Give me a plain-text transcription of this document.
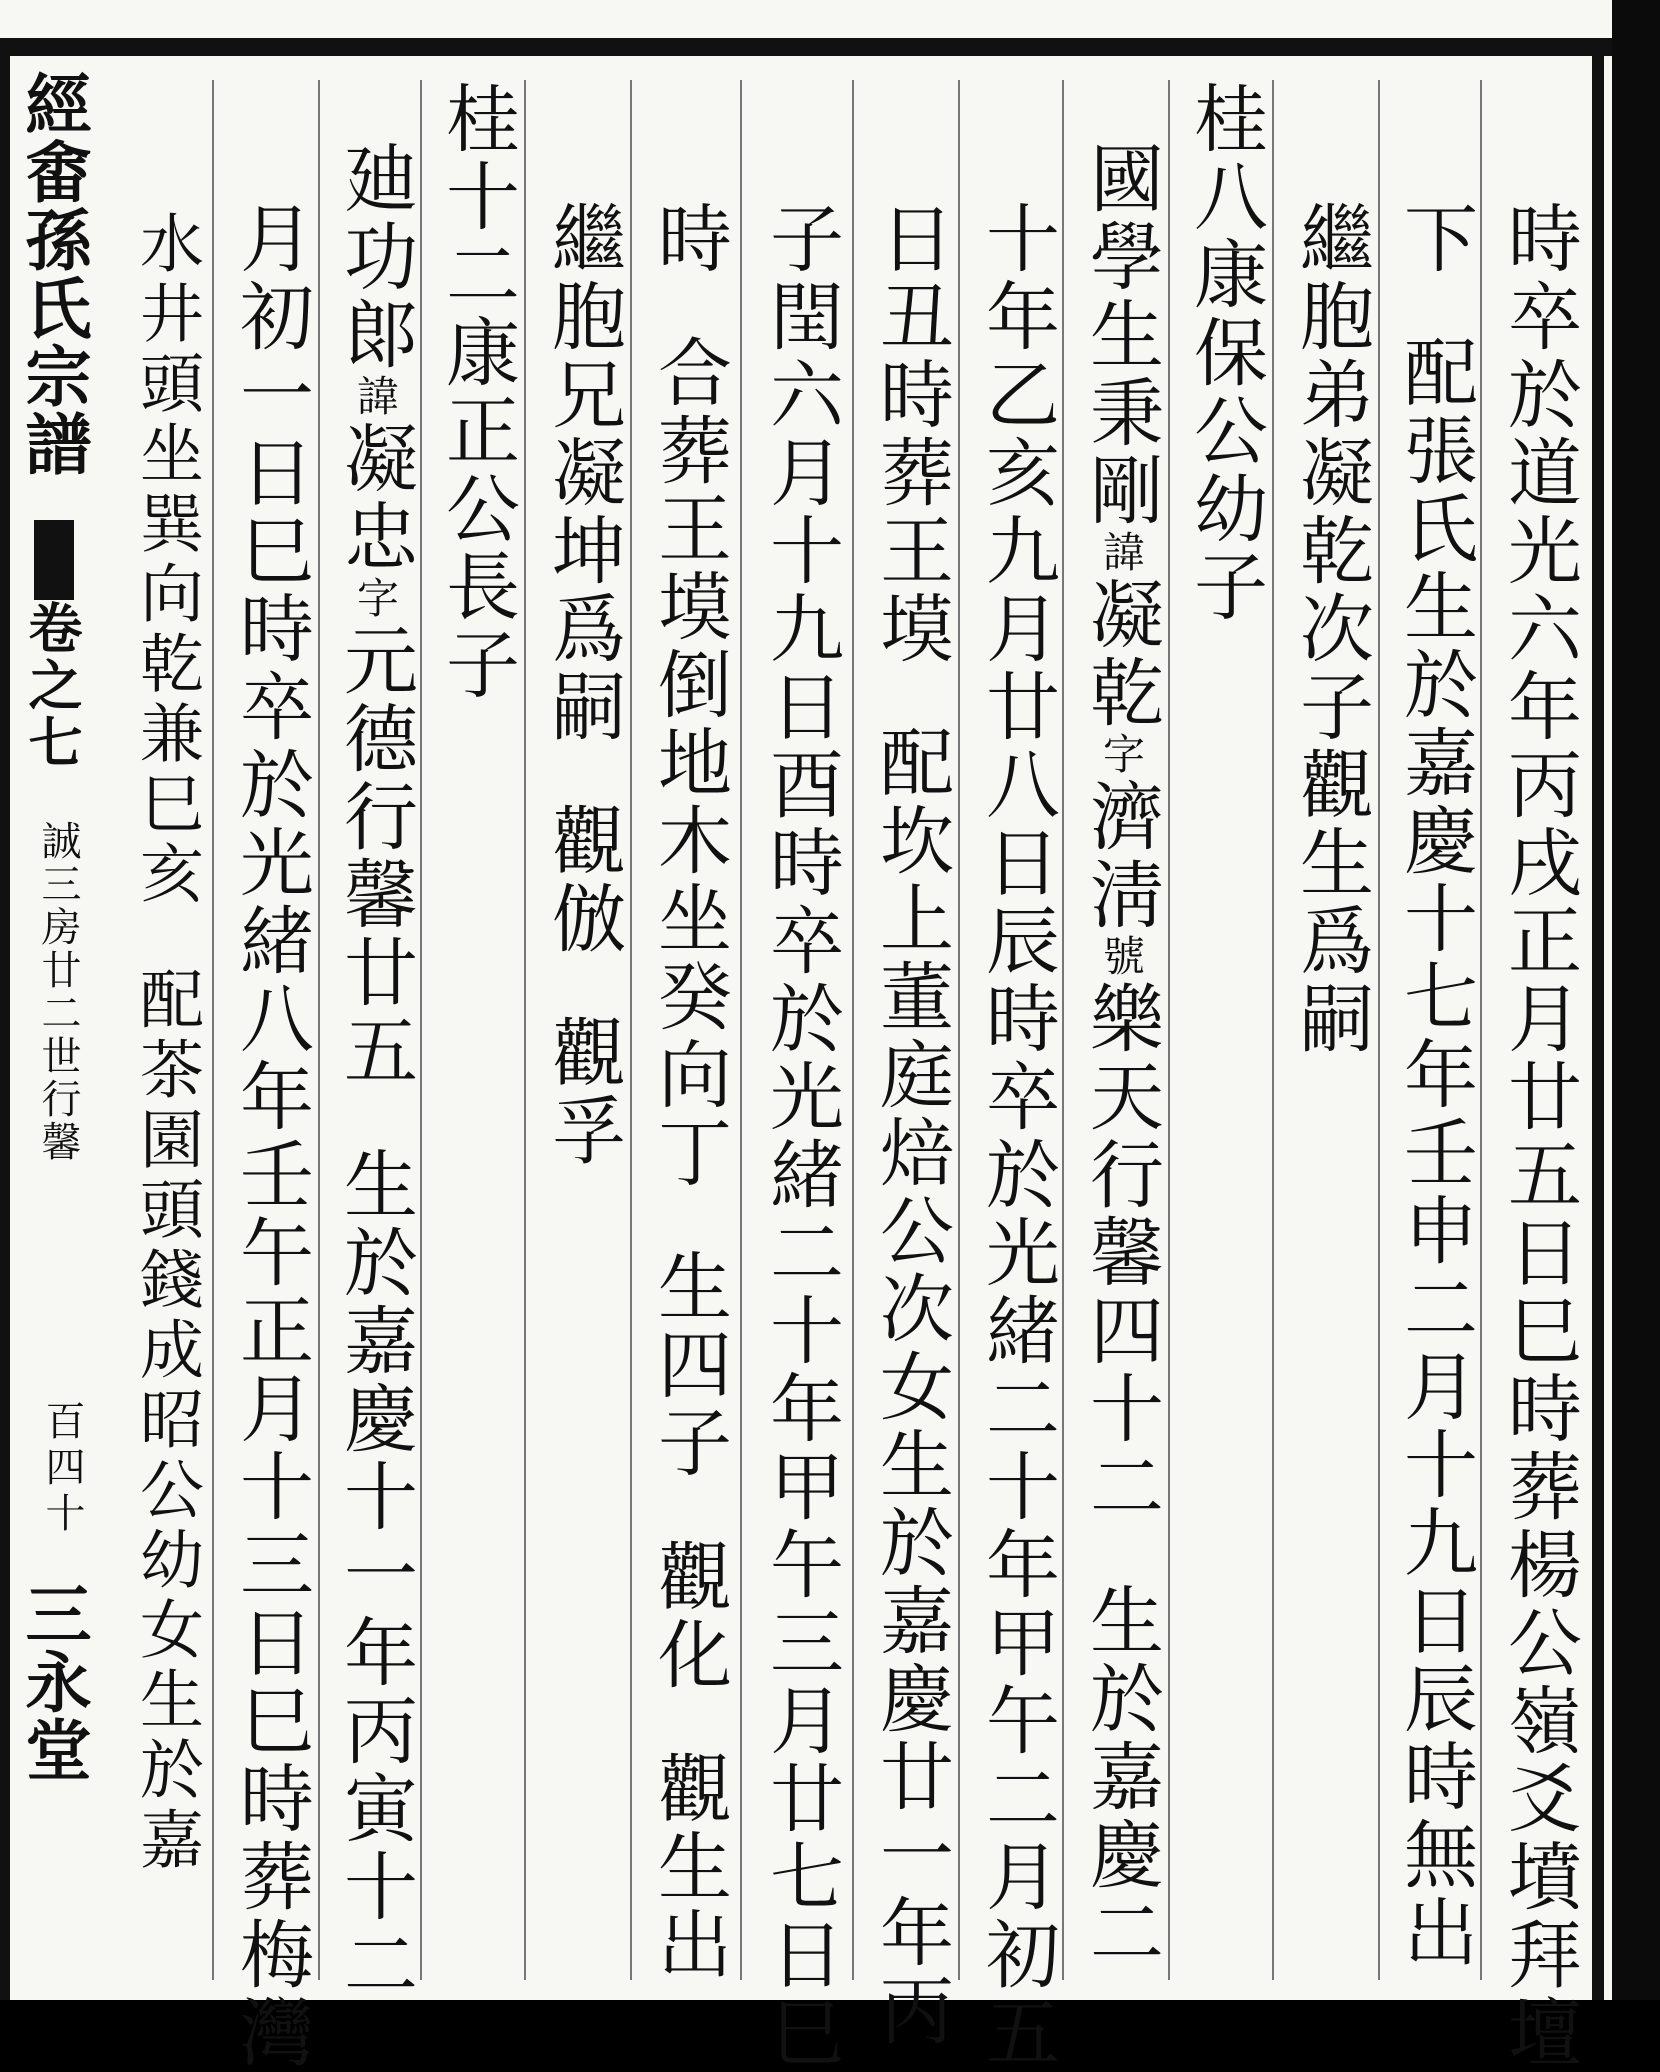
時卒於道光六年丙戌正月廿五日巳時葬楊公嶺爻墳拜壇
下配張氏生於嘉慶十七年壬申二月十九日辰時無出
繼胞弟凝乾次子觀生爲嗣
桂八康保公幼子
國學生秉剛諱凝乾字濟淸號樂天行馨四十二生於嘉慶二
十年乙亥九月廿八日辰時卒於光緒二十年甲午二月初五
日丑時葬王塻配坎上董庭焙公次女生於嘉慶廿一年丙
子閏六月十九日酉時卒於光緒二十年甲午三月廿七日巳
時合葬王塻倒地木坐癸向丁生四子觀化觀生出
繼胞兄凝坤爲嗣觀倣觀孚
桂十二康正公長子
廸功郞諱凝忠字元德行馨廿五生於嘉慶十一年丙寅十二
月初一日巳時卒於光緒八年壬午正月十三日巳時葬梅灣
水井頭坐巽向乾兼巳亥配茶園頭錢成昭公幼女生於嘉
經畬孫氏宗譜
卷之七
誠三房廿二世行馨
百四十
三永堂
